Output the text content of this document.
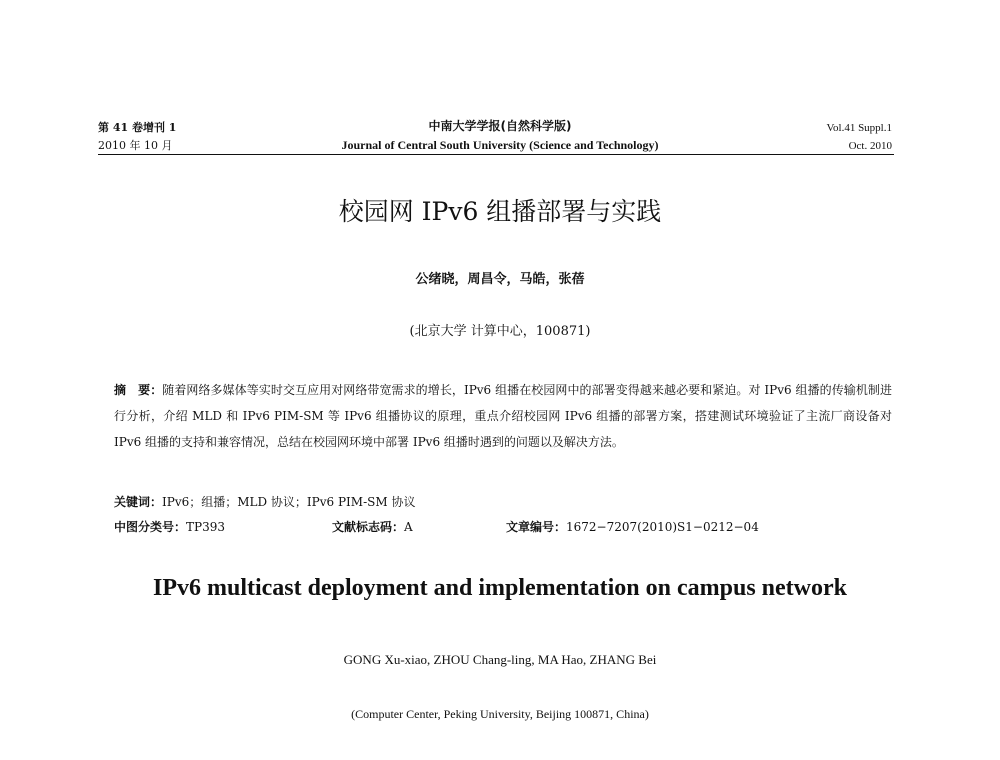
第 41 卷增刊 1
2010 年 10 月
中南大学学报(自然科学版)
Journal of Central South University (Science and Technology)
Vol.41 Suppl.1
Oct. 2010
校园网 IPv6 组播部署与实践
公绪晓，周昌令，马皓，张蓓
(北京大学 计算中心，100871)
摘　要：随着网络多媒体等实时交互应用对网络带宽需求的增长，IPv6 组播在校园网中的部署变得越来越必要和紧迫。对 IPv6 组播的传输机制进行分析，介绍 MLD 和 IPv6 PIM-SM 等 IPv6 组播协议的原理，重点介绍校园网 IPv6 组播的部署方案，搭建测试环境验证了主流厂商设备对 IPv6 组播的支持和兼容情况，总结在校园网环境中部署 IPv6 组播时遇到的问题以及解决方法。
关键词：IPv6；组播；MLD 协议；IPv6 PIM-SM 协议
中图分类号：TP393	文献标志码：A	文章编号：1672−7207(2010)S1−0212−04
IPv6 multicast deployment and implementation on campus network
GONG Xu-xiao, ZHOU Chang-ling, MA Hao, ZHANG Bei
(Computer Center, Peking University, Beijing 100871, China)
